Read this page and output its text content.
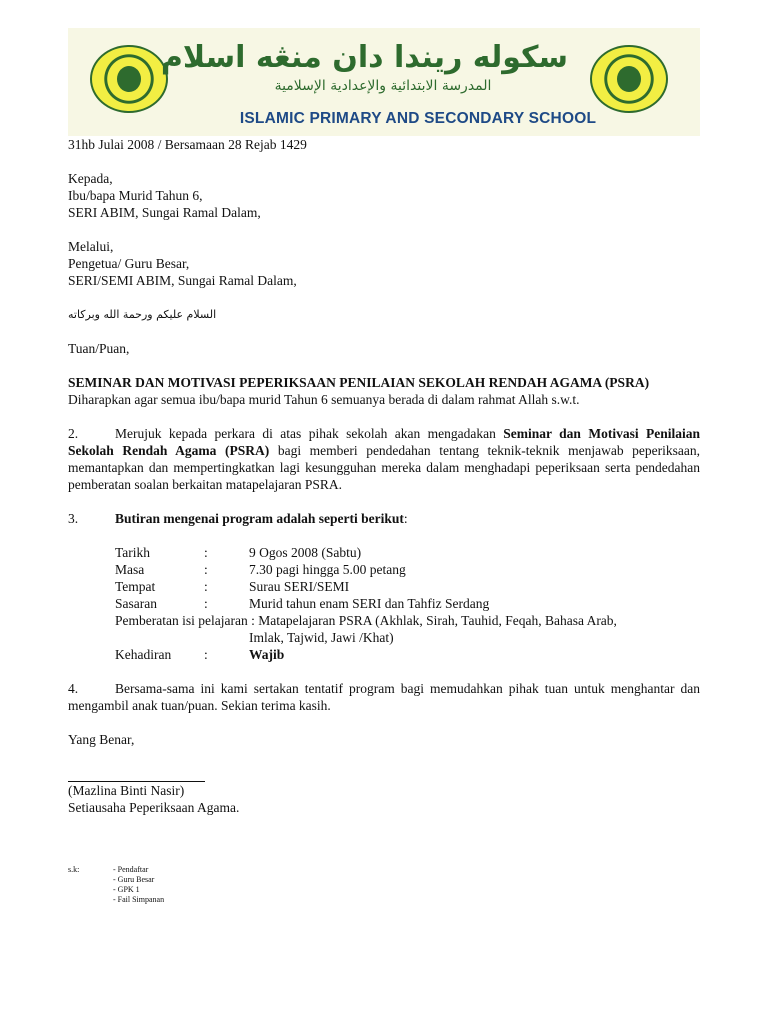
سكوله ريندا دان منڠه اسلام
المدرسة الابتدائية والإعدادية الإسلامية
ISLAMIC PRIMARY AND SECONDARY SCHOOL
31hb Julai 2008 / Bersamaan 28 Rejab 1429
Kepada,
Ibu/bapa Murid Tahun 6,
SERI ABIM, Sungai Ramal Dalam,
Melalui,
Pengetua/ Guru Besar,
SERI/SEMI ABIM, Sungai Ramal Dalam,
السلام عليكم ورحمة الله وبركاته
Tuan/Puan,
SEMINAR DAN MOTIVASI PEPERIKSAAN PENILAIAN SEKOLAH RENDAH AGAMA (PSRA)
Diharapkan agar semua ibu/bapa murid Tahun 6 semuanya berada di dalam rahmat Allah s.w.t.
2.	Merujuk kepada perkara di atas pihak sekolah akan mengadakan Seminar dan Motivasi Penilaian Sekolah Rendah Agama (PSRA) bagi memberi pendedahan tentang teknik-teknik menjawab peperiksaan, memantapkan dan mempertingkatkan lagi kesungguhan mereka dalam menghadapi peperiksaan serta pendedahan pemberatan soalan berkaitan matapelajaran PSRA.
3.	Butiran mengenai program adalah seperti berikut:
Tarikh	:	9 Ogos 2008 (Sabtu)
Masa	:	7.30 pagi hingga 5.00 petang
Tempat	:	Surau SERI/SEMI
Sasaran	:	Murid tahun enam SERI dan Tahfiz Serdang
Pemberatan isi pelajaran : Matapelajaran PSRA (Akhlak, Sirah, Tauhid, Feqah, Bahasa Arab,
Imlak, Tajwid, Jawi /Khat)
Kehadiran	:	Wajib
4.	Bersama-sama ini kami sertakan tentatif program bagi memudahkan pihak tuan untuk menghantar dan mengambil anak tuan/puan. Sekian terima kasih.
Yang Benar,
(Mazlina Binti Nasir)
Setiausaha Peperiksaan Agama.
s.k:	- Pendaftar
- Guru Besar
- GPK 1
- Fail Simpanan
